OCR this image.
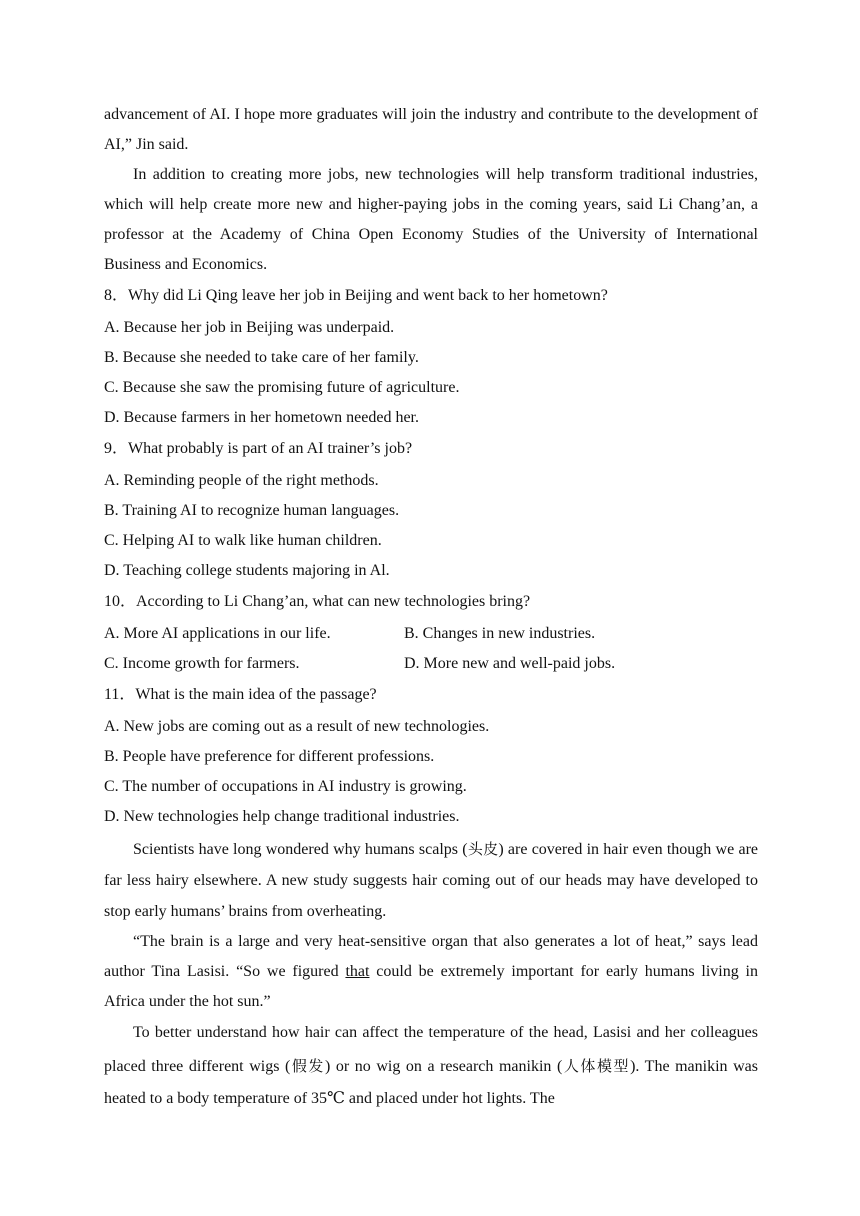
advancement of AI. I hope more graduates will join the industry and contribute to the development of AI,” Jin said.

In addition to creating more jobs, new technologies will help transform traditional industries, which will help create more new and higher-paying jobs in the coming years, said Li Chang’an, a professor at the Academy of China Open Economy Studies of the University of International Business and Economics.

8．Why did Li Qing leave her job in Beijing and went back to her hometown?
A. Because her job in Beijing was underpaid.
B. Because she needed to take care of her family.
C. Because she saw the promising future of agriculture.
D. Because farmers in her hometown needed her.
9．What probably is part of an AI trainer’s job?
A. Reminding people of the right methods.
B. Training AI to recognize human languages.
C. Helping AI to walk like human children.
D. Teaching college students majoring in Al.
10．According to Li Chang’an, what can new technologies bring?
A. More AI applications in our life.	B. Changes in new industries.
C. Income growth for farmers.	D. More new and well-paid jobs.
11．What is the main idea of the passage?
A. New jobs are coming out as a result of new technologies.
B. People have preference for different professions.
C. The number of occupations in AI industry is growing.
D. New technologies help change traditional industries.

Scientists have long wondered why humans scalps (头皮) are covered in hair even though we are far less hairy elsewhere. A new study suggests hair coming out of our heads may have developed to stop early humans’ brains from overheating.

“The brain is a large and very heat-sensitive organ that also generates a lot of heat,” says lead author Tina Lasisi. “So we figured that could be extremely important for early humans living in Africa under the hot sun.”

To better understand how hair can affect the temperature of the head, Lasisi and her colleagues placed three different wigs (假发) or no wig on a research manikin (人体模型). The manikin was heated to a body temperature of 35℃ and placed under hot lights. The
